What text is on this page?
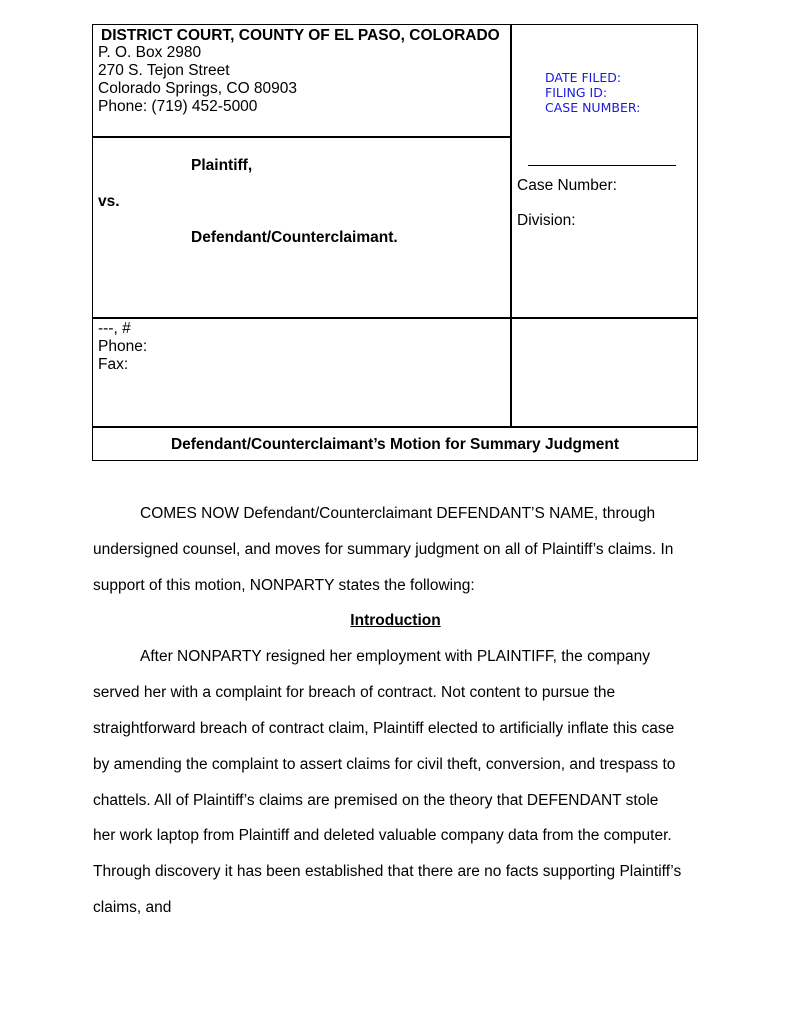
DISTRICT COURT, COUNTY OF EL PASO, COLORADO
P. O. Box 2980
270 S. Tejon Street
Colorado Springs, CO 80903
Phone: (719) 452-5000
DATE FILED:
FILING ID:
CASE NUMBER:
Plaintiff,
vs.
Defendant/Counterclaimant.
Case Number:
Division:
---, #
Phone:
Fax:
Defendant/Counterclaimant’s Motion for Summary Judgment
COMES NOW Defendant/Counterclaimant DEFENDANT’S NAME, through
undersigned counsel, and moves for summary judgment on all of Plaintiff’s claims. In
support of this motion, NONPARTY states the following:
Introduction
After NONPARTY resigned her employment with PLAINTIFF, the company
served her with a complaint for breach of contract. Not content to pursue the
straightforward breach of contract claim, Plaintiff elected to artificially inflate this case
by amending the complaint to assert claims for civil theft, conversion, and trespass to
chattels. All of Plaintiff’s claims are premised on the theory that DEFENDANT stole
her work laptop from Plaintiff and deleted valuable company data from the computer.
Through discovery it has been established that there are no facts supporting Plaintiff’s
claims, and
